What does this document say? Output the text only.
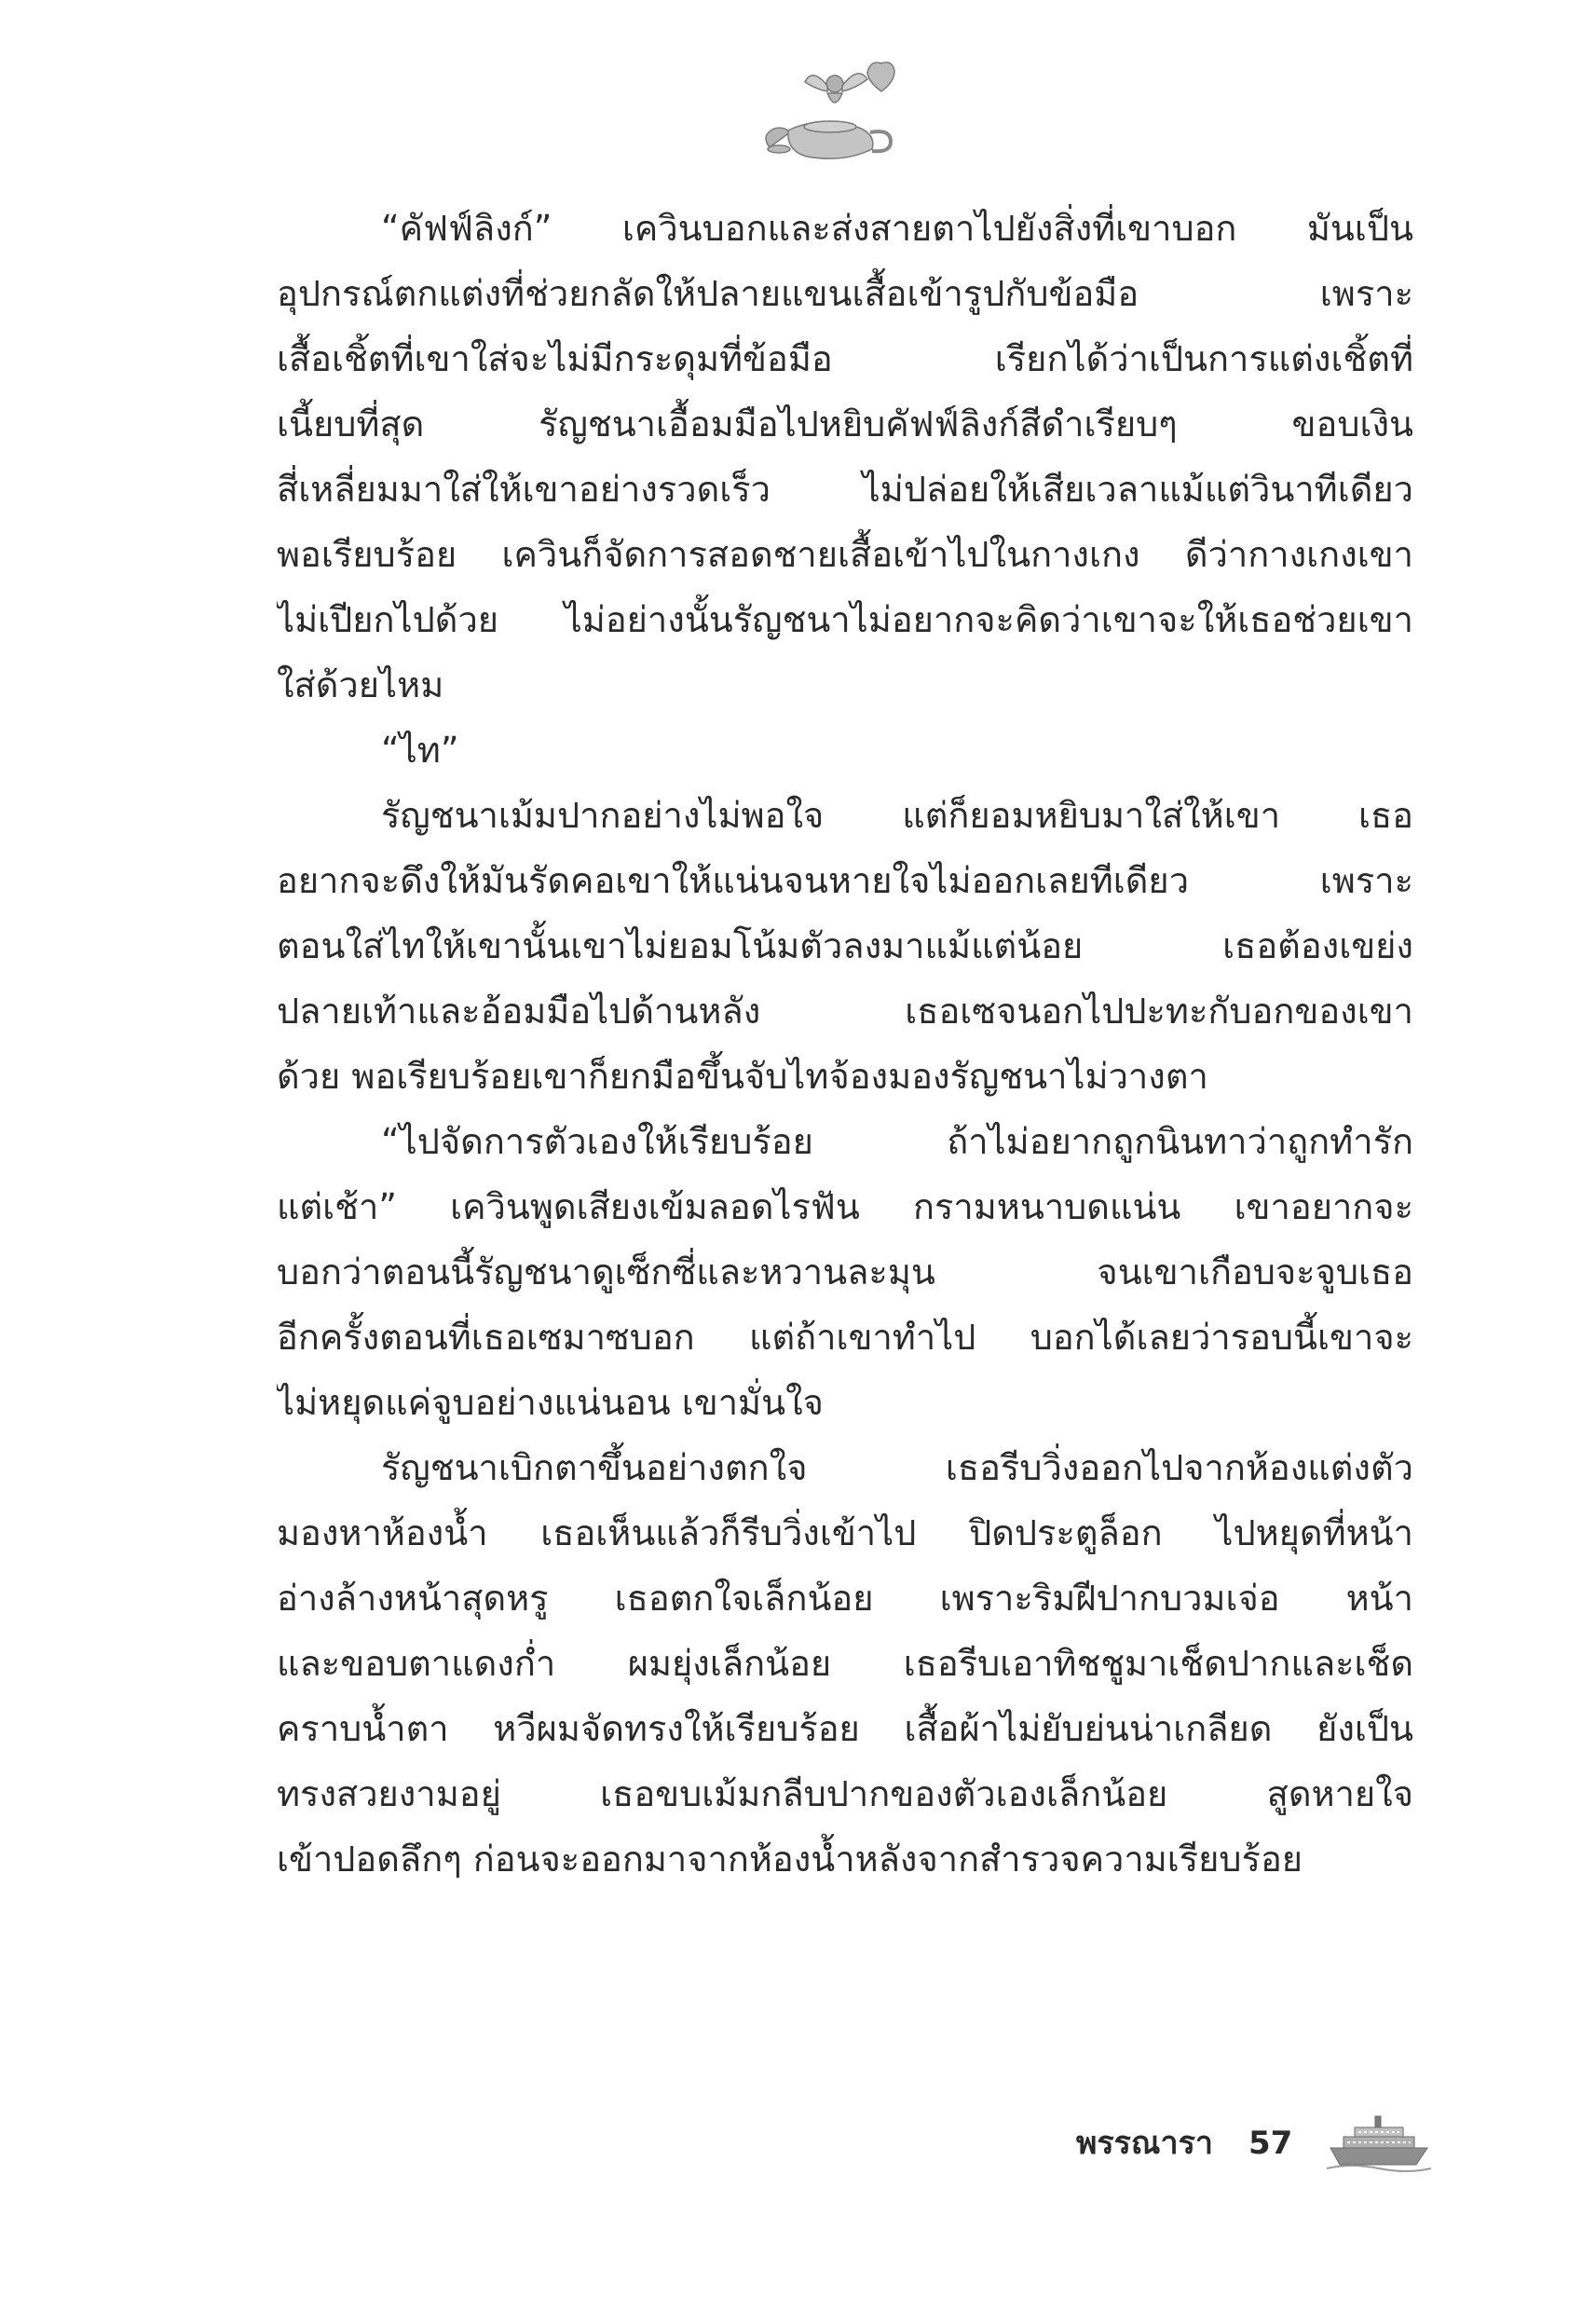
“คัฟฟ์ลิงก์” เควินบอกและส่งสายตาไปยังสิ่งที่เขาบอก มันเป็น
อุปกรณ์ตกแต่งที่ช่วยกลัดให้ปลายแขนเสื้อเข้ารูปกับข้อมือ เพราะ
เสื้อเชิ้ตที่เขาใส่จะไม่มีกระดุมที่ข้อมือ เรียกได้ว่าเป็นการแต่งเชิ้ตที่
เนี้ยบที่สุด รัญชนาเอื้อมมือไปหยิบคัฟฟ์ลิงก์สีดำเรียบๆ ขอบเงิน
สี่เหลี่ยมมาใส่ให้เขาอย่างรวดเร็ว ไม่ปล่อยให้เสียเวลาแม้แต่วินาทีเดียว
พอเรียบร้อย เควินก็จัดการสอดชายเสื้อเข้าไปในกางเกง ดีว่ากางเกงเขา
ไม่เปียกไปด้วย ไม่อย่างนั้นรัญชนาไม่อยากจะคิดว่าเขาจะให้เธอช่วยเขา
ใส่ด้วยไหม
“ไท”
รัญชนาเม้มปากอย่างไม่พอใจ แต่ก็ยอมหยิบมาใส่ให้เขา เธอ
อยากจะดึงให้มันรัดคอเขาให้แน่นจนหายใจไม่ออกเลยทีเดียว เพราะ
ตอนใส่ไทให้เขานั้นเขาไม่ยอมโน้มตัวลงมาแม้แต่น้อย เธอต้องเขย่ง
ปลายเท้าและอ้อมมือไปด้านหลัง เธอเซจนอกไปปะทะกับอกของเขา
ด้วย พอเรียบร้อยเขาก็ยกมือขึ้นจับไทจ้องมองรัญชนาไม่วางตา
“ไปจัดการตัวเองให้เรียบร้อย ถ้าไม่อยากถูกนินทาว่าถูกทำรัก
แต่เช้า” เควินพูดเสียงเข้มลอดไรฟัน กรามหนาบดแน่น เขาอยากจะ
บอกว่าตอนนี้รัญชนาดูเซ็กซี่และหวานละมุน จนเขาเกือบจะจูบเธอ
อีกครั้งตอนที่เธอเซมาซบอก แต่ถ้าเขาทำไป บอกได้เลยว่ารอบนี้เขาจะ
ไม่หยุดแค่จูบอย่างแน่นอน เขามั่นใจ
รัญชนาเบิกตาขึ้นอย่างตกใจ เธอรีบวิ่งออกไปจากห้องแต่งตัว
มองหาห้องน้ำ เธอเห็นแล้วก็รีบวิ่งเข้าไป ปิดประตูล็อก ไปหยุดที่หน้า
อ่างล้างหน้าสุดหรู เธอตกใจเล็กน้อย เพราะริมฝีปากบวมเจ่อ หน้า
และขอบตาแดงก่ำ ผมยุ่งเล็กน้อย เธอรีบเอาทิชชูมาเช็ดปากและเช็ด
คราบน้ำตา หวีผมจัดทรงให้เรียบร้อย เสื้อผ้าไม่ยับย่นน่าเกลียด ยังเป็น
ทรงสวยงามอยู่ เธอขบเม้มกลีบปากของตัวเองเล็กน้อย สูดหายใจ
เข้าปอดลึกๆ ก่อนจะออกมาจากห้องน้ำหลังจากสำรวจความเรียบร้อย
พรรณารา 57
